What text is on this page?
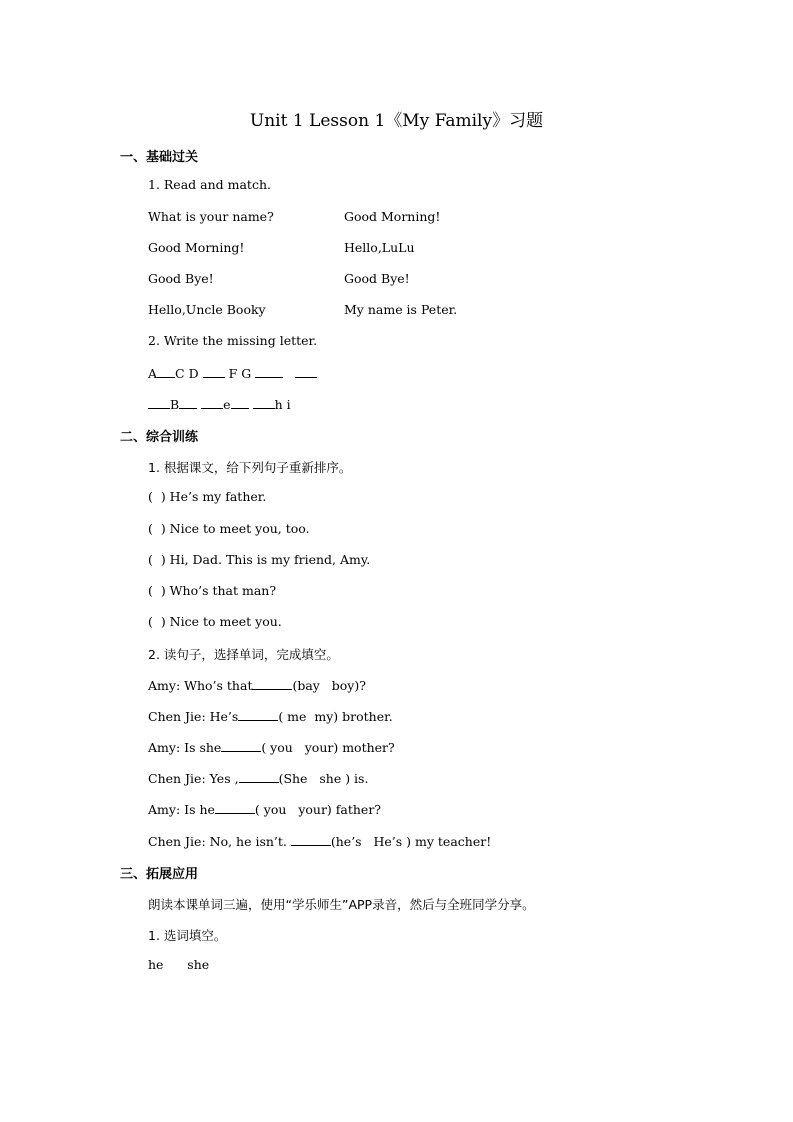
Unit 1 Lesson 1《My Family》习题
一、基础过关
1. Read and match.
What is your name?	Good Morning!
Good Morning!	Hello,LuLu
Good Bye!	Good Bye!
Hello,Uncle Booky	My name is Peter.
2. Write the missing letter.
A C D F G
B	e	h i
二、综合训练
1. 根据课文，给下列句子重新排序。
(  ) He’s my father.
(  ) Nice to meet you, too.
(  ) Hi, Dad. This is my friend, Amy.
(  ) Who’s that man?
(  ) Nice to meet you.
2. 读句子，选择单词，完成填空。
Amy: Who’s that	(bay   boy)?
Chen Jie: He’s	( me  my) brother.
Amy: Is she	( you   your) mother?
Chen Jie: Yes ,	(She   she ) is.
Amy: Is he	( you   your) father?
Chen Jie: No, he isn’t.	(he’s   He’s ) my teacher!
三、拓展应用
朗读本课单词三遍，使用“学乐师生”APP录音，然后与全班同学分享。
1. 选词填空。
he      she
